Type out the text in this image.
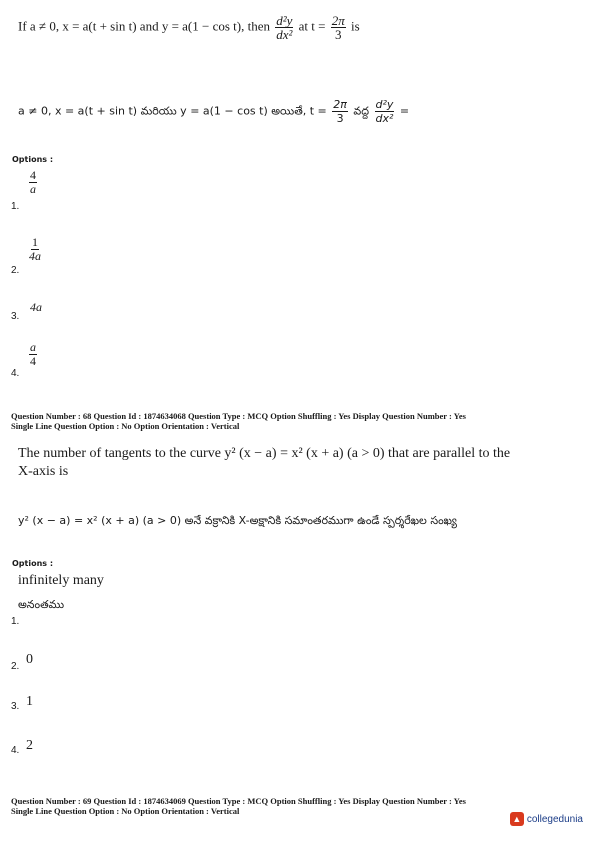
If a ≠ 0, x = a(t + sin t) and y = a(1 − cos t), then $\frac{\text{d²y}}{\text{dx²}}$ at $t = \frac{2\pi}{3}$ is
a ≠ 0, x = a(t + sin t) మరియు y = a(1 − cos t) అయితే, $t = \frac{2\pi}{3}$ వద్ద $\frac{\text{d²y}}{\text{dx²}}$ =
Options :
$\frac{4}{a}$
1.
$\frac{1}{4a}$
2.
4a
3.
$\frac{a}{4}$
4.
Question Number : 68 Question Id : 1874634068 Question Type : MCQ Option Shuffling : Yes Display Question Number : Yes
Single Line Question Option : No Option Orientation : Vertical
The number of tangents to the curve y² (x − a) = x² (x + a) (a > 0) that are parallel to the
X-axis is
y² (x − a) = x² (x + a) (a > 0) అనే వక్రానికి X-అక్షానికి సమాంతరముగా ఉండే స్పర్శరేఖల సంఖ్య
Options :
infinitely many
అనంతము
1.
0
2.
1
3.
2
4.
Question Number : 69 Question Id : 1874634069 Question Type : MCQ Option Shuffling : Yes Display Question Number : Yes
Single Line Question Option : No Option Orientation : Vertical
▲ collegedunia
